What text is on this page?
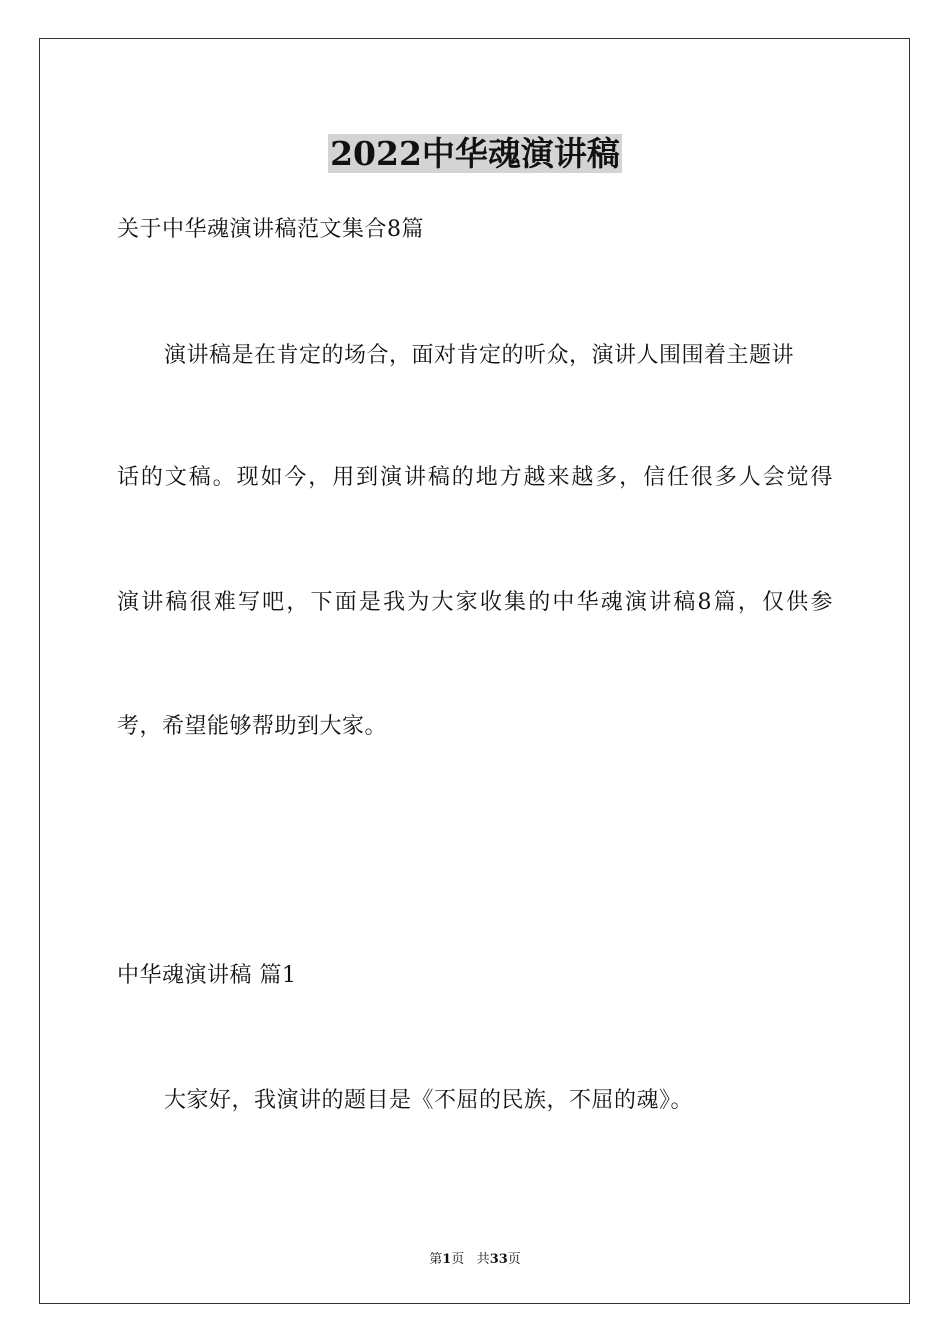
2022中华魂演讲稿
关于中华魂演讲稿范文集合8篇
演讲稿是在肯定的场合，面对肯定的听众，演讲人围围着主题讲
话的文稿。现如今，用到演讲稿的地方越来越多，信任很多人会觉得
演讲稿很难写吧，下面是我为大家收集的中华魂演讲稿8篇，仅供参
考，希望能够帮助到大家。
中华魂演讲稿 篇1
大家好，我演讲的题目是《不屈的民族，不屈的魂》。
第1页 共33页
